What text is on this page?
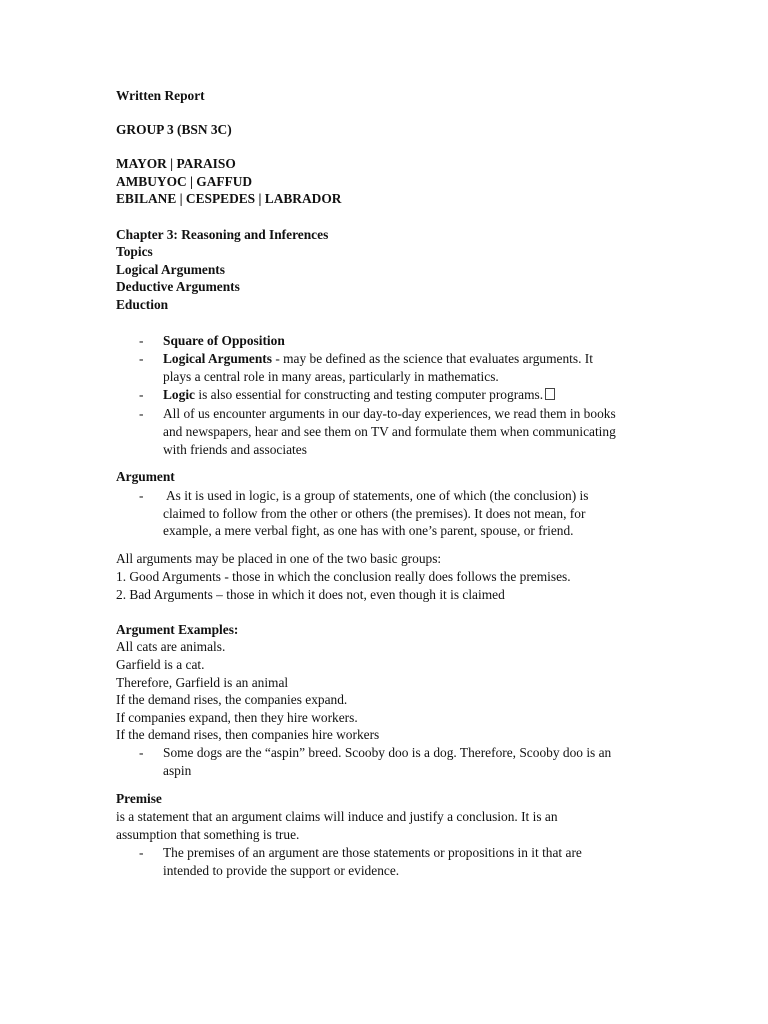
Written Report
GROUP 3 (BSN 3C)
MAYOR | PARAISO
AMBUYOC | GAFFUD
EBILANE | CESPEDES | LABRADOR
Chapter 3: Reasoning and Inferences
Topics
Logical Arguments
Deductive Arguments
Eduction
- Square of Opposition
- Logical Arguments - may be defined as the science that evaluates arguments. It
plays a central role in many areas, particularly in mathematics.
- Logic is also essential for constructing and testing computer programs.
- All of us encounter arguments in our day-to-day experiences, we read them in books
and newspapers, hear and see them on TV and formulate them when communicating
with friends and associates
Argument
- As it is used in logic, is a group of statements, one of which (the conclusion) is
claimed to follow from the other or others (the premises). It does not mean, for
example, a mere verbal fight, as one has with one’s parent, spouse, or friend.
All arguments may be placed in one of the two basic groups:
1. Good Arguments - those in which the conclusion really does follows the premises.
2. Bad Arguments – those in which it does not, even though it is claimed
Argument Examples:
All cats are animals.
Garfield is a cat.
Therefore, Garfield is an animal
If the demand rises, the companies expand.
If companies expand, then they hire workers.
If the demand rises, then companies hire workers
- Some dogs are the “aspin” breed. Scooby doo is a dog. Therefore, Scooby doo is an
aspin
Premise
is a statement that an argument claims will induce and justify a conclusion. It is an
assumption that something is true.
- The premises of an argument are those statements or propositions in it that are
intended to provide the support or evidence.
